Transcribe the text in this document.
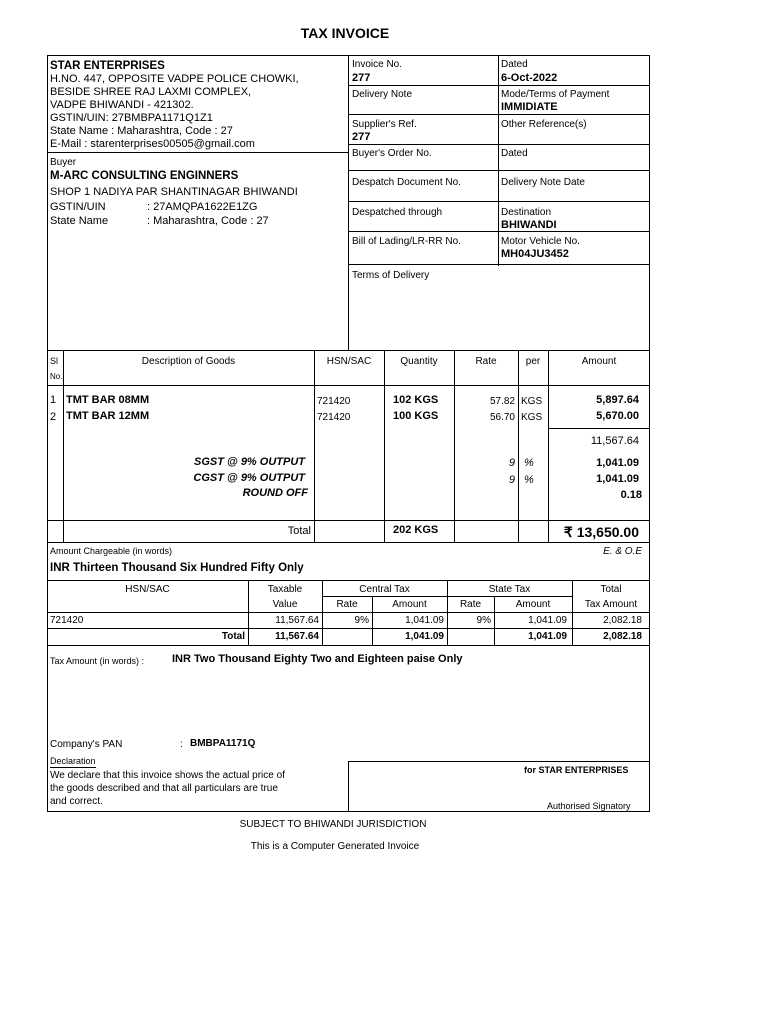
TAX INVOICE
STAR ENTERPRISES
H.NO. 447, OPPOSITE VADPE POLICE CHOWKI,
BESIDE SHREE RAJ LAXMI COMPLEX,
VADPE BHIWANDI - 421302.
GSTIN/UIN: 27BMBPA1171Q1Z1
State Name : Maharashtra, Code : 27
E-Mail : starenterprises00505@gmail.com
Buyer
M-ARC CONSULTING ENGINNERS
SHOP 1 NADIYA PAR SHANTINAGAR BHIWANDI
GSTIN/UIN	: 27AMQPA1622E1ZG
State Name	: Maharashtra, Code : 27
Invoice No.
277
Dated
6-Oct-2022
Delivery Note	Mode/Terms of Payment
IMMIDIATE
Supplier's Ref.
277
Other Reference(s)
Buyer's Order No.	Dated
Despatch Document No.	Delivery Note Date
Despatched through	Destination
BHIWANDI
Bill of Lading/LR-RR No.	Motor Vehicle No.
MH04JU3452
Terms of Delivery
Sl
No.
Description of Goods	HSN/SAC	Quantity	Rate	per	Amount
1 TMT BAR 08MM	721420	102 KGS	57.82 KGS	5,897.64
2 TMT BAR 12MM	721420	100 KGS	56.70 KGS	5,670.00
11,567.64
SGST @ 9% OUTPUT	9 %	1,041.09
CGST @ 9% OUTPUT	9 %	1,041.09
ROUND OFF	0.18
Total	202 KGS	₹ 13,650.00
Amount Chargeable (in words)	E. & O.E
INR Thirteen Thousand Six Hundred Fifty Only
HSN/SAC	Taxable
Value
Central Tax	State Tax	Total
Tax Amount
Rate	Amount	Rate	Amount
721420	11,567.64	9%	1,041.09	9%	1,041.09	2,082.18
Total	11,567.64	1,041.09	1,041.09	2,082.18
Tax Amount (in words) :	INR Two Thousand Eighty Two and Eighteen paise Only
Company's PAN	: BMBPA1171Q
Declaration
We declare that this invoice shows the actual price of
the goods described and that all particulars are true
and correct.
for STAR ENTERPRISES
Authorised Signatory
SUBJECT TO BHIWANDI JURISDICTION
This is a Computer Generated Invoice
